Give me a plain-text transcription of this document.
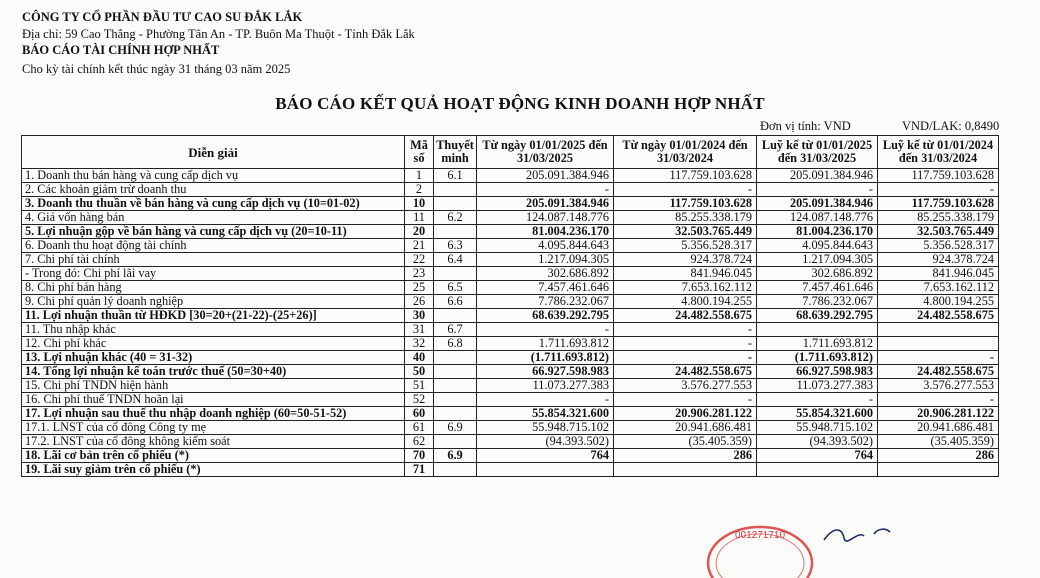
CÔNG TY CỔ PHẦN ĐẦU TƯ CAO SU ĐẮK LẮK
Địa chỉ: 59 Cao Thắng - Phường Tân An - TP. Buôn Ma Thuột - Tỉnh Đắk Lắk
BÁO CÁO TÀI CHÍNH HỢP NHẤT
Cho kỳ tài chính kết thúc ngày 31 tháng 03 năm 2025
BÁO CÁO KẾT QUẢ HOẠT ĐỘNG KINH DOANH HỢP NHẤT
Đơn vị tính: VND	VND/LAK: 0,8490
Diễn giải	Mã số	Thuyết minh	Từ ngày 01/01/2025 đến 31/03/2025	Từ ngày 01/01/2024 đến 31/03/2024	Luỹ kế từ 01/01/2025 đến 31/03/2025	Luỹ kế từ 01/01/2024 đến 31/03/2024
1. Doanh thu bán hàng và cung cấp dịch vụ	1	6.1	205.091.384.946	117.759.103.628	205.091.384.946	117.759.103.628
2. Các khoản giảm trừ doanh thu	2		-	-	-	-
3. Doanh thu thuần về bán hàng và cung cấp dịch vụ (10=01-02)	10		205.091.384.946	117.759.103.628	205.091.384.946	117.759.103.628
4. Giá vốn hàng bán	11	6.2	124.087.148.776	85.255.338.179	124.087.148.776	85.255.338.179
5. Lợi nhuận gộp về bán hàng và cung cấp dịch vụ (20=10-11)	20		81.004.236.170	32.503.765.449	81.004.236.170	32.503.765.449
6. Doanh thu hoạt động tài chính	21	6.3	4.095.844.643	5.356.528.317	4.095.844.643	5.356.528.317
7. Chi phí tài chính	22	6.4	1.217.094.305	924.378.724	1.217.094.305	924.378.724
- Trong đó: Chi phí lãi vay	23		302.686.892	841.946.045	302.686.892	841.946.045
8. Chi phí bán hàng	25	6.5	7.457.461.646	7.653.162.112	7.457.461.646	7.653.162.112
9. Chi phí quản lý doanh nghiệp	26	6.6	7.786.232.067	4.800.194.255	7.786.232.067	4.800.194.255
11. Lợi nhuận thuần từ HĐKD [30=20+(21-22)-(25+26)]	30		68.639.292.795	24.482.558.675	68.639.292.795	24.482.558.675
11. Thu nhập khác	31	6.7	-	-		
12. Chi phí khác	32	6.8	1.711.693.812	-	1.711.693.812	
13. Lợi nhuận khác (40 = 31-32)	40		(1.711.693.812)	-	(1.711.693.812)	-
14. Tổng lợi nhuận kế toán trước thuế (50=30+40)	50		66.927.598.983	24.482.558.675	66.927.598.983	24.482.558.675
15. Chi phí TNDN hiện hành	51		11.073.277.383	3.576.277.553	11.073.277.383	3.576.277.553
16. Chi phí thuế TNDN hoãn lại	52		-	-	-	-
17. Lợi nhuận sau thuế thu nhập doanh nghiệp (60=50-51-52)	60		55.854.321.600	20.906.281.122	55.854.321.600	20.906.281.122
17.1. LNST của cổ đông Công ty mẹ	61	6.9	55.948.715.102	20.941.686.481	55.948.715.102	20.941.686.481
17.2. LNST của cổ đông không kiểm soát	62		(94.393.502)	(35.405.359)	(94.393.502)	(35.405.359)
18. Lãi cơ bản trên cổ phiếu (*)	70	6.9	764	286	764	286
19. Lãi suy giảm trên cổ phiếu (*)	71					
001271710
